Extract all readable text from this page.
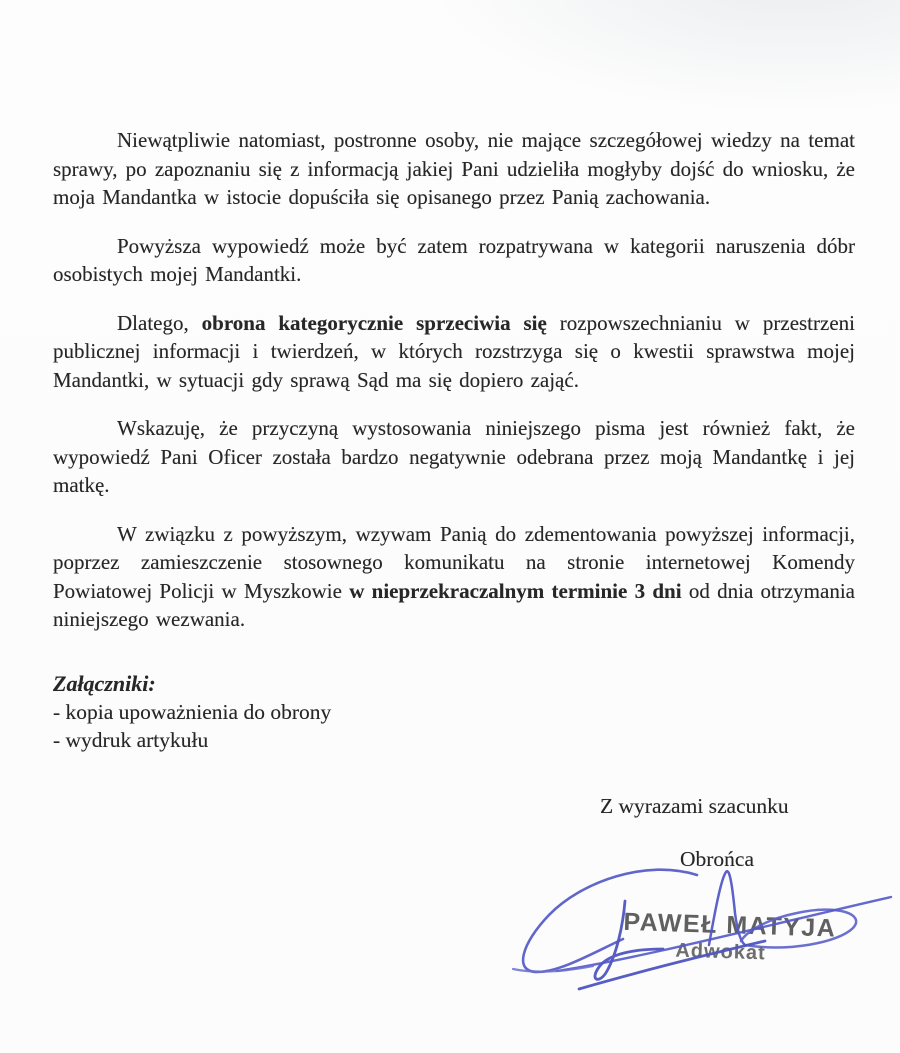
Niewątpliwie natomiast, postronne osoby, nie mające szczegółowej wiedzy na temat sprawy, po zapoznaniu się z informacją jakiej Pani udzieliła mogłyby dojść do wniosku, że moja Mandantka w istocie dopuściła się opisanego przez Panią zachowania.

Powyższa wypowiedź może być zatem rozpatrywana w kategorii naruszenia dóbr osobistych mojej Mandantki.

Dlatego, obrona kategorycznie sprzeciwia się rozpowszechnianiu w przestrzeni publicznej informacji i twierdzeń, w których rozstrzyga się o kwestii sprawstwa mojej Mandantki, w sytuacji gdy sprawą Sąd ma się dopiero zająć.

Wskazuję, że przyczyną wystosowania niniejszego pisma jest również fakt, że wypowiedź Pani Oficer została bardzo negatywnie odebrana przez moją Mandantkę i jej matkę.

W związku z powyższym, wzywam Panią do zdementowania powyższej informacji, poprzez zamieszczenie stosownego komunikatu na stronie internetowej Komendy Powiatowej Policji w Myszkowie w nieprzekraczalnym terminie 3 dni od dnia otrzymania niniejszego wezwania.

Załączniki:
- kopia upoważnienia do obrony
- wydruk artykułu
Z wyrazami szacunku
Obrońca
PAWEŁ MATYJA
Adwokat
